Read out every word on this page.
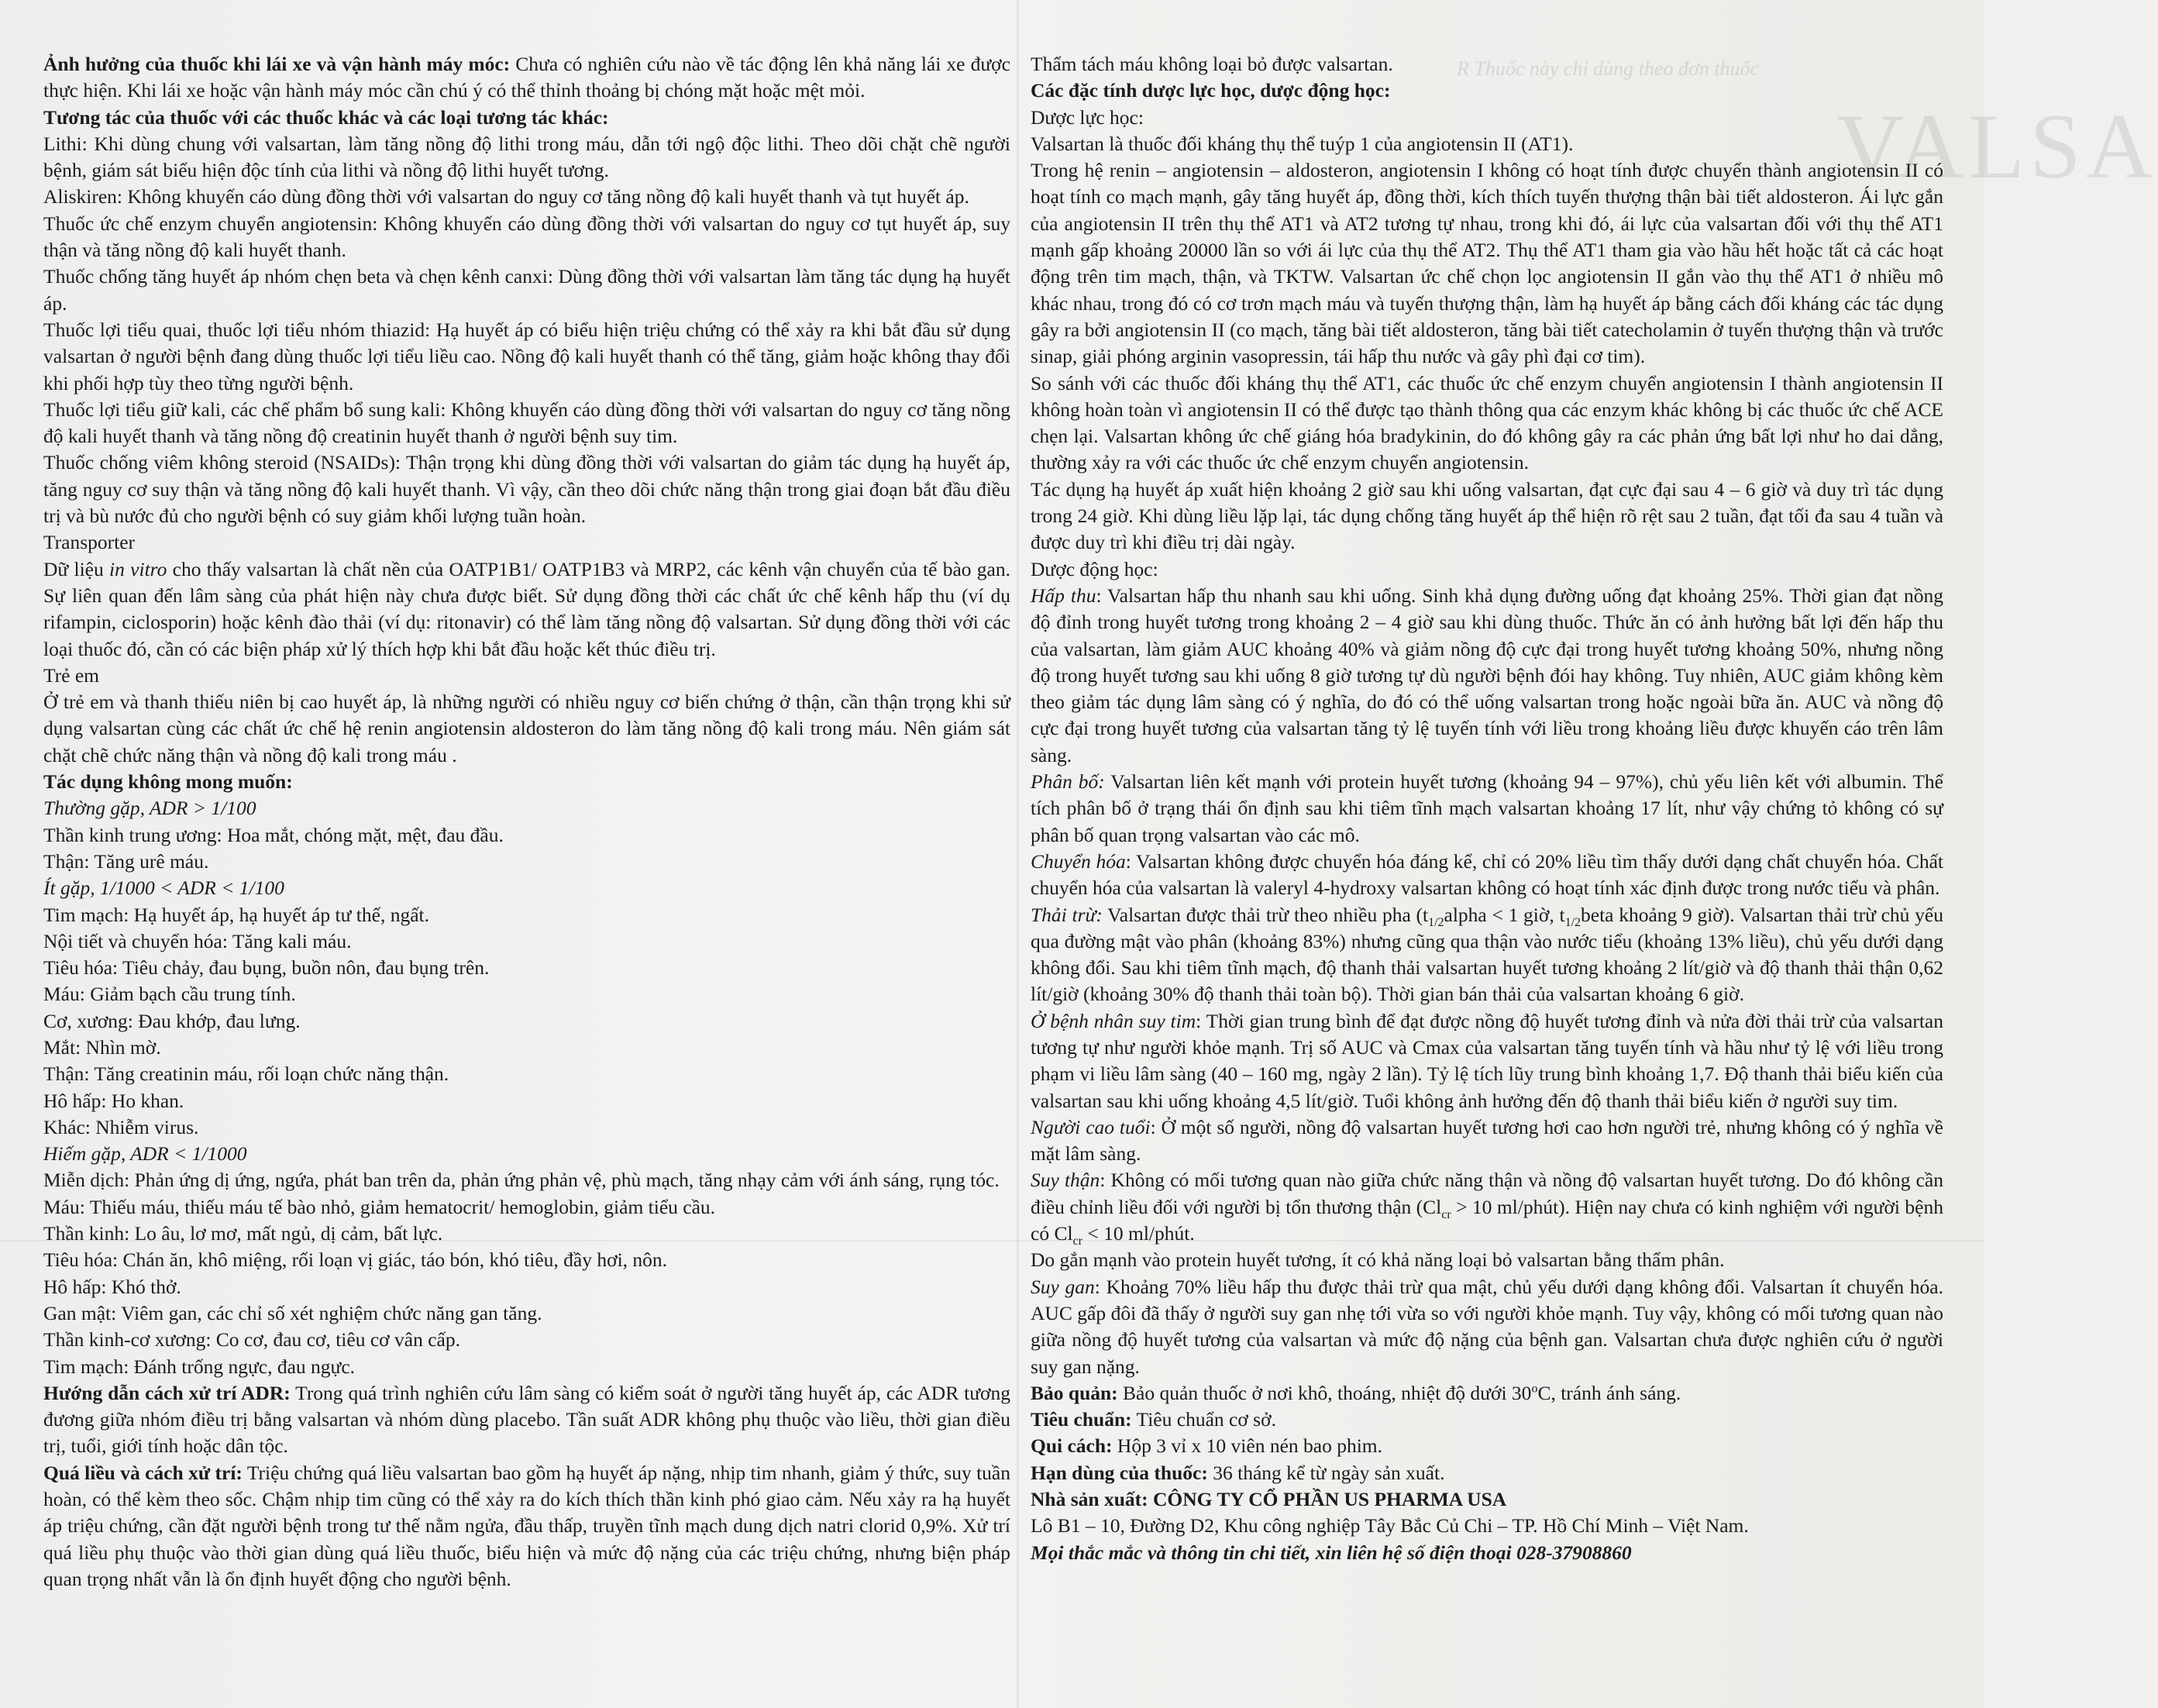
R Thuốc này chỉ dùng theo đơn thuốc
VALSA

Ảnh hưởng của thuốc khi lái xe và vận hành máy móc: Chưa có nghiên cứu nào về tác động lên khả năng lái xe được thực hiện. Khi lái xe hoặc vận hành máy móc cần chú ý có thể thỉnh thoảng bị chóng mặt hoặc mệt mỏi.

Tương tác của thuốc với các thuốc khác và các loại tương tác khác:

Lithi: Khi dùng chung với valsartan, làm tăng nồng độ lithi trong máu, dẫn tới ngộ độc lithi. Theo dõi chặt chẽ người bệnh, giám sát biểu hiện độc tính của lithi và nồng độ lithi huyết tương.

Aliskiren: Không khuyến cáo dùng đồng thời với valsartan do nguy cơ tăng nồng độ kali huyết thanh và tụt huyết áp.

Thuốc ức chế enzym chuyển angiotensin: Không khuyến cáo dùng đồng thời với valsartan do nguy cơ tụt huyết áp, suy thận và tăng nồng độ kali huyết thanh.

Thuốc chống tăng huyết áp nhóm chẹn beta và chẹn kênh canxi: Dùng đồng thời với valsartan làm tăng tác dụng hạ huyết áp.

Thuốc lợi tiểu quai, thuốc lợi tiểu nhóm thiazid: Hạ huyết áp có biểu hiện triệu chứng có thể xảy ra khi bắt đầu sử dụng valsartan ở người bệnh đang dùng thuốc lợi tiểu liều cao. Nồng độ kali huyết thanh có thể tăng, giảm hoặc không thay đổi khi phối hợp tùy theo từng người bệnh.

Thuốc lợi tiểu giữ kali, các chế phẩm bổ sung kali: Không khuyến cáo dùng đồng thời với valsartan do nguy cơ tăng nồng độ kali huyết thanh và tăng nồng độ creatinin huyết thanh ở người bệnh suy tim.

Thuốc chống viêm không steroid (NSAIDs): Thận trọng khi dùng đồng thời với valsartan do giảm tác dụng hạ huyết áp, tăng nguy cơ suy thận và tăng nồng độ kali huyết thanh. Vì vậy, cần theo dõi chức năng thận trong giai đoạn bắt đầu điều trị và bù nước đủ cho người bệnh có suy giảm khối lượng tuần hoàn.

Transporter

Dữ liệu in vitro cho thấy valsartan là chất nền của OATP1B1/ OATP1B3 và MRP2, các kênh vận chuyển của tế bào gan. Sự liên quan đến lâm sàng của phát hiện này chưa được biết. Sử dụng đồng thời các chất ức chế kênh hấp thu (ví dụ rifampin, ciclosporin) hoặc kênh đào thải (ví dụ: ritonavir) có thể làm tăng nồng độ valsartan. Sử dụng đồng thời với các loại thuốc đó, cần có các biện pháp xử lý thích hợp khi bắt đầu hoặc kết thúc điều trị.

Trẻ em

Ở trẻ em và thanh thiếu niên bị cao huyết áp, là những người có nhiều nguy cơ biến chứng ở thận, cần thận trọng khi sử dụng valsartan cùng các chất ức chế hệ renin angiotensin aldosteron do làm tăng nồng độ kali trong máu. Nên giám sát chặt chẽ chức năng thận và nồng độ kali trong máu .

Tác dụng không mong muốn:

Thường gặp, ADR > 1/100

Thần kinh trung ương: Hoa mắt, chóng mặt, mệt, đau đầu.

Thận: Tăng urê máu.

Ít gặp, 1/1000 < ADR < 1/100

Tim mạch: Hạ huyết áp, hạ huyết áp tư thế, ngất.

Nội tiết và chuyển hóa: Tăng kali máu.

Tiêu hóa: Tiêu chảy, đau bụng, buồn nôn, đau bụng trên.

Máu: Giảm bạch cầu trung tính.

Cơ, xương: Đau khớp, đau lưng.

Mắt: Nhìn mờ.

Thận: Tăng creatinin máu, rối loạn chức năng thận.

Hô hấp: Ho khan.

Khác: Nhiễm virus.

Hiếm gặp, ADR < 1/1000

Miễn dịch: Phản ứng dị ứng, ngứa, phát ban trên da, phản ứng phản vệ, phù mạch, tăng nhạy cảm với ánh sáng, rụng tóc.

Máu: Thiếu máu, thiếu máu tế bào nhỏ, giảm hematocrit/ hemoglobin, giảm tiểu cầu.

Thần kinh: Lo âu, lơ mơ, mất ngủ, dị cảm, bất lực.

Tiêu hóa: Chán ăn, khô miệng, rối loạn vị giác, táo bón, khó tiêu, đầy hơi, nôn.

Hô hấp: Khó thở.

Gan mật: Viêm gan, các chỉ số xét nghiệm chức năng gan tăng.

Thần kinh-cơ xương: Co cơ, đau cơ, tiêu cơ vân cấp.

Tim mạch: Đánh trống ngực, đau ngực.

Hướng dẫn cách xử trí ADR: Trong quá trình nghiên cứu lâm sàng có kiểm soát ở người tăng huyết áp, các ADR tương đương giữa nhóm điều trị bằng valsartan và nhóm dùng placebo. Tần suất ADR không phụ thuộc vào liều, thời gian điều trị, tuổi, giới tính hoặc dân tộc.

Quá liều và cách xử trí: Triệu chứng quá liều valsartan bao gồm hạ huyết áp nặng, nhịp tim nhanh, giảm ý thức, suy tuần hoàn, có thể kèm theo sốc. Chậm nhịp tim cũng có thể xảy ra do kích thích thần kinh phó giao cảm. Nếu xảy ra hạ huyết áp triệu chứng, cần đặt người bệnh trong tư thế nằm ngửa, đầu thấp, truyền tĩnh mạch dung dịch natri clorid 0,9%. Xử trí quá liều phụ thuộc vào thời gian dùng quá liều thuốc, biểu hiện và mức độ nặng của các triệu chứng, nhưng biện pháp quan trọng nhất vẫn là ổn định huyết động cho người bệnh.

Thẩm tách máu không loại bỏ được valsartan.

Các đặc tính dược lực học, dược động học:

Dược lực học:

Valsartan là thuốc đối kháng thụ thể tuýp 1 của angiotensin II (AT1).

Trong hệ renin – angiotensin – aldosteron, angiotensin I không có hoạt tính được chuyển thành angiotensin II có hoạt tính co mạch mạnh, gây tăng huyết áp, đồng thời, kích thích tuyến thượng thận bài tiết aldosteron. Ái lực gắn của angiotensin II trên thụ thể AT1 và AT2 tương tự nhau, trong khi đó, ái lực của valsartan đối với thụ thể AT1 mạnh gấp khoảng 20000 lần so với ái lực của thụ thể AT2. Thụ thể AT1 tham gia vào hầu hết hoặc tất cả các hoạt động trên tim mạch, thận, và TKTW. Valsartan ức chế chọn lọc angiotensin II gắn vào thụ thể AT1 ở nhiều mô khác nhau, trong đó có cơ trơn mạch máu và tuyến thượng thận, làm hạ huyết áp bằng cách đối kháng các tác dụng gây ra bởi angiotensin II (co mạch, tăng bài tiết aldosteron, tăng bài tiết catecholamin ở tuyến thượng thận và trước sinap, giải phóng arginin vasopressin, tái hấp thu nước và gây phì đại cơ tim).

So sánh với các thuốc đối kháng thụ thể AT1, các thuốc ức chế enzym chuyển angiotensin I thành angiotensin II không hoàn toàn vì angiotensin II có thể được tạo thành thông qua các enzym khác không bị các thuốc ức chế ACE chẹn lại. Valsartan không ức chế giáng hóa bradykinin, do đó không gây ra các phản ứng bất lợi như ho dai dẳng, thường xảy ra với các thuốc ức chế enzym chuyển angiotensin.

Tác dụng hạ huyết áp xuất hiện khoảng 2 giờ sau khi uống valsartan, đạt cực đại sau 4 – 6 giờ và duy trì tác dụng trong 24 giờ. Khi dùng liều lặp lại, tác dụng chống tăng huyết áp thể hiện rõ rệt sau 2 tuần, đạt tối đa sau 4 tuần và được duy trì khi điều trị dài ngày.

Dược động học:

Hấp thu: Valsartan hấp thu nhanh sau khi uống. Sinh khả dụng đường uống đạt khoảng 25%. Thời gian đạt nồng độ đỉnh trong huyết tương trong khoảng 2 – 4 giờ sau khi dùng thuốc. Thức ăn có ảnh hưởng bất lợi đến hấp thu của valsartan, làm giảm AUC khoảng 40% và giảm nồng độ cực đại trong huyết tương khoảng 50%, nhưng nồng độ trong huyết tương sau khi uống 8 giờ tương tự dù người bệnh đói hay không. Tuy nhiên, AUC giảm không kèm theo giảm tác dụng lâm sàng có ý nghĩa, do đó có thể uống valsartan trong hoặc ngoài bữa ăn. AUC và nồng độ cực đại trong huyết tương của valsartan tăng tỷ lệ tuyến tính với liều trong khoảng liều được khuyến cáo trên lâm sàng.

Phân bố: Valsartan liên kết mạnh với protein huyết tương (khoảng 94 – 97%), chủ yếu liên kết với albumin. Thể tích phân bố ở trạng thái ổn định sau khi tiêm tĩnh mạch valsartan khoảng 17 lít, như vậy chứng tỏ không có sự phân bố quan trọng valsartan vào các mô.

Chuyển hóa: Valsartan không được chuyển hóa đáng kể, chỉ có 20% liều tìm thấy dưới dạng chất chuyển hóa. Chất chuyển hóa của valsartan là valeryl 4-hydroxy valsartan không có hoạt tính xác định được trong nước tiểu và phân.

Thải trừ: Valsartan được thải trừ theo nhiều pha ($t_{1/2}alpha < 1$ giờ, $t_{1/2}beta$ khoảng 9 giờ). Valsartan thải trừ chủ yếu qua đường mật vào phân (khoảng 83%) nhưng cũng qua thận vào nước tiểu (khoảng 13% liều), chủ yếu dưới dạng không đổi. Sau khi tiêm tĩnh mạch, độ thanh thải valsartan huyết tương khoảng 2 lít/giờ và độ thanh thải thận 0,62 lít/giờ (khoảng 30% độ thanh thải toàn bộ). Thời gian bán thải của valsartan khoảng 6 giờ.

Ở bệnh nhân suy tim: Thời gian trung bình để đạt được nồng độ huyết tương đỉnh và nửa đời thải trừ của valsartan tương tự như người khỏe mạnh. Trị số AUC và Cmax của valsartan tăng tuyến tính và hầu như tỷ lệ với liều trong phạm vi liều lâm sàng (40 – 160 mg, ngày 2 lần). Tỷ lệ tích lũy trung bình khoảng 1,7. Độ thanh thải biểu kiến của valsartan sau khi uống khoảng 4,5 lít/giờ. Tuổi không ảnh hưởng đến độ thanh thải biểu kiến ở người suy tim.

Người cao tuổi: Ở một số người, nồng độ valsartan huyết tương hơi cao hơn người trẻ, nhưng không có ý nghĩa về mặt lâm sàng.

Suy thận: Không có mối tương quan nào giữa chức năng thận và nồng độ valsartan huyết tương. Do đó không cần điều chỉnh liều đối với người bị tổn thương thận ($Cl_{cr} > 10$ ml/phút). Hiện nay chưa có kinh nghiệm với người bệnh có $Cl_{cr} < 10$ ml/phút.

Do gắn mạnh vào protein huyết tương, ít có khả năng loại bỏ valsartan bằng thẩm phân.

Suy gan: Khoảng 70% liều hấp thu được thải trừ qua mật, chủ yếu dưới dạng không đổi. Valsartan ít chuyển hóa. AUC gấp đôi đã thấy ở người suy gan nhẹ tới vừa so với người khỏe mạnh. Tuy vậy, không có mối tương quan nào giữa nồng độ huyết tương của valsartan và mức độ nặng của bệnh gan. Valsartan chưa được nghiên cứu ở người suy gan nặng.

Bảo quản: Bảo quản thuốc ở nơi khô, thoáng, nhiệt độ dưới 30$^o$C, tránh ánh sáng.

Tiêu chuẩn: Tiêu chuẩn cơ sở.

Qui cách: Hộp 3 vỉ x 10 viên nén bao phim.

Hạn dùng của thuốc: 36 tháng kể từ ngày sản xuất.

Nhà sản xuất: CÔNG TY CỔ PHẦN US PHARMA USA

Lô B1 – 10, Đường D2, Khu công nghiệp Tây Bắc Củ Chi – TP. Hồ Chí Minh – Việt Nam.

Mọi thắc mắc và thông tin chi tiết, xin liên hệ số điện thoại 028-37908860
